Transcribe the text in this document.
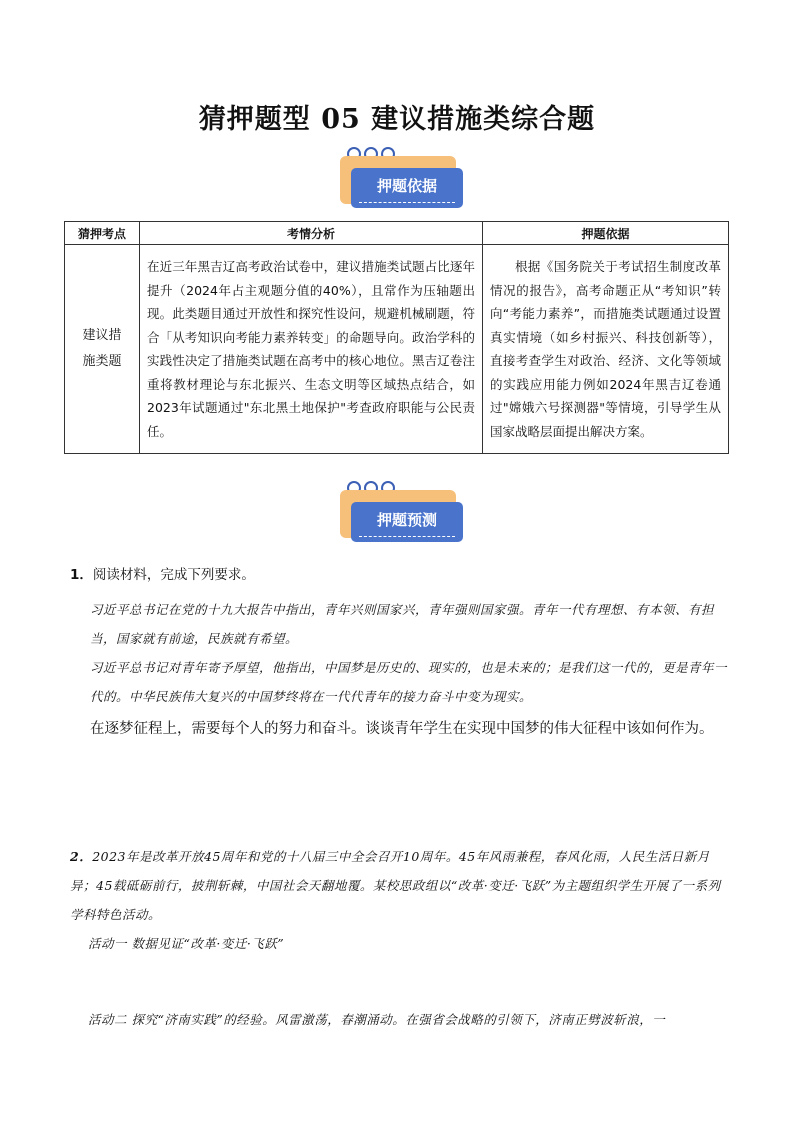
猜押题型 05 建议措施类综合题
押题依据
猜押考点	考情分析	押题依据
建议措施类题	在近三年黑吉辽高考政治试卷中，建议措施类试题占比逐年提升（2024年占主观题分值的40%），且常作为压轴题出现。此类题目通过开放性和探究性设问，规避机械刷题，符合「从考知识向考能力素养转变」的命题导向。政治学科的实践性决定了措施类试题在高考中的核心地位。黑吉辽卷注重将教材理论与东北振兴、生态文明等区域热点结合，如2023年试题通过"东北黑土地保护"考查政府职能与公民责任。	根据《国务院关于考试招生制度改革情况的报告》，高考命题正从“考知识”转向“考能力素养”，而措施类试题通过设置真实情境（如乡村振兴、科技创新等），直接考查学生对政治、经济、文化等领域的实践应用能力例如2024年黑吉辽卷通过"嫦娥六号探测器"等情境，引导学生从国家战略层面提出解决方案。
押题预测
1．阅读材料，完成下列要求。
习近平总书记在党的十九大报告中指出，青年兴则国家兴，青年强则国家强。青年一代有理想、有本领、有担当，国家就有前途，民族就有希望。
习近平总书记对青年寄予厚望，他指出，中国梦是历史的、现实的，也是未来的；是我们这一代的，更是青年一代的。中华民族伟大复兴的中国梦终将在一代代青年的接力奋斗中变为现实。
在逐梦征程上，需要每个人的努力和奋斗。谈谈青年学生在实现中国梦的伟大征程中该如何作为。
2．2023年是改革开放45周年和党的十八届三中全会召开10周年。45年风雨兼程，春风化雨，人民生活日新月异；45载砥砺前行，披荆斩棘，中国社会天翻地覆。某校思政组以“改革·变迁·飞跃”为主题组织学生开展了一系列学科特色活动。
活动一 数据见证“改革·变迁·飞跃”
活动二 探究“济南实践”的经验。风雷激荡，春潮涌动。在强省会战略的引领下，济南正劈波斩浪，一
